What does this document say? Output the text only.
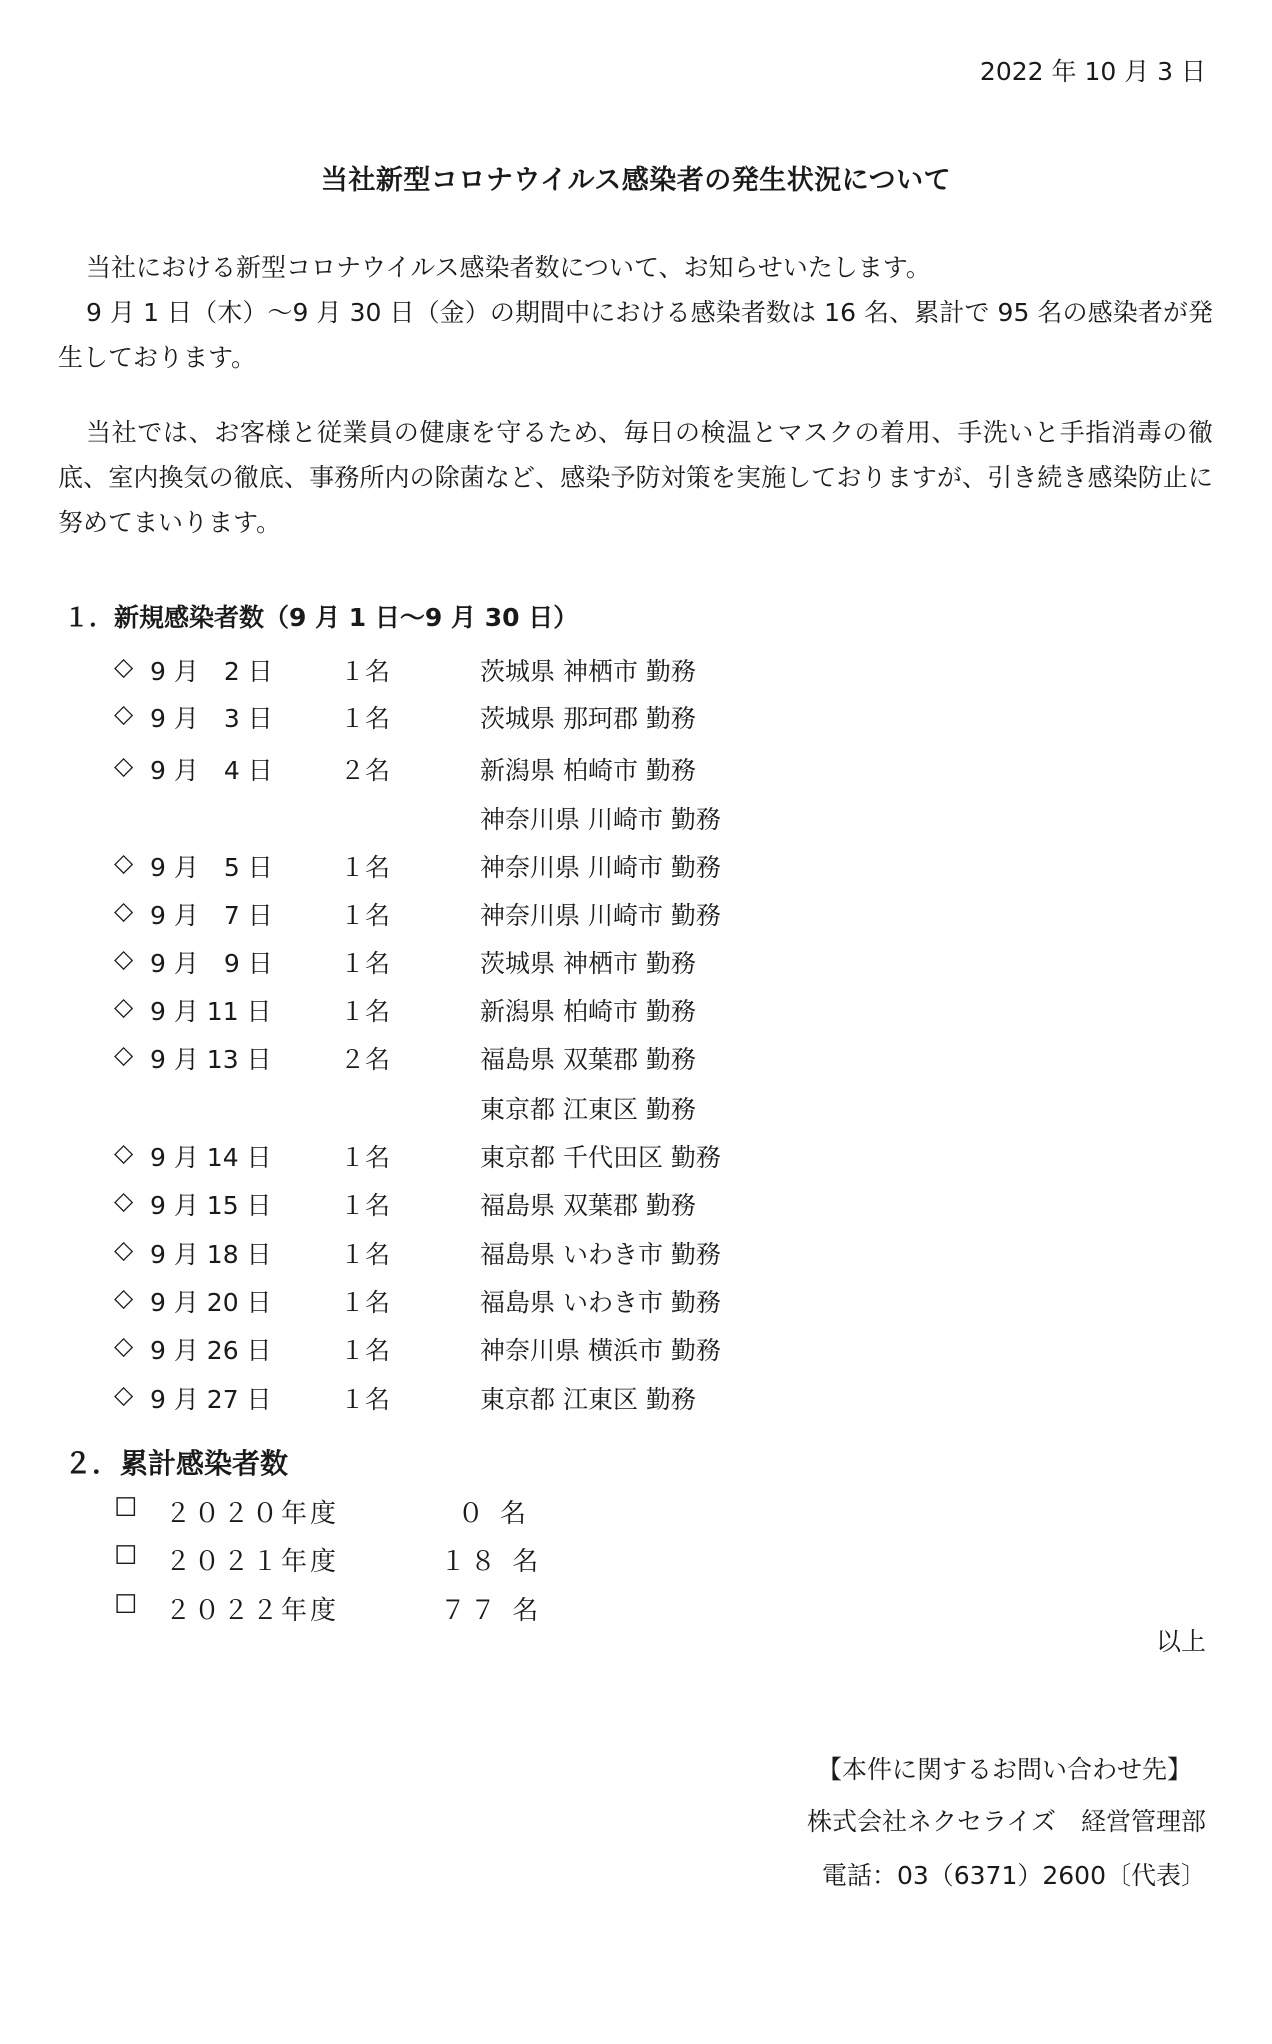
2022 年 10 月 3 日
当社新型コロナウイルス感染者の発生状況について
当社における新型コロナウイルス感染者数について、お知らせいたします。
9 月 1 日（木）～9 月 30 日（金）の期間中における感染者数は 16 名、累計で 95 名の感染者が発生しております。
当社では、お客様と従業員の健康を守るため、毎日の検温とマスクの着用、手洗いと手指消毒の徹底、室内換気の徹底、事務所内の除菌など、感染予防対策を実施しておりますが、引き続き感染防止に努めてまいります。
１．新規感染者数（9 月 1 日～9 月 30 日）
◇ 9 月　2 日	１名	茨城県 神栖市 勤務
◇ 9 月　3 日	１名	茨城県 那珂郡 勤務
◇ 9 月　4 日	２名	新潟県 柏崎市 勤務
神奈川県 川崎市 勤務
◇ 9 月　5 日	１名	神奈川県 川崎市 勤務
◇ 9 月　7 日	１名	神奈川県 川崎市 勤務
◇ 9 月　9 日	１名	茨城県 神栖市 勤務
◇ 9 月 11 日	１名	新潟県 柏崎市 勤務
◇ 9 月 13 日	２名	福島県 双葉郡 勤務
東京都 江東区 勤務
◇ 9 月 14 日	１名	東京都 千代田区 勤務
◇ 9 月 15 日	１名	福島県 双葉郡 勤務
◇ 9 月 18 日	１名	福島県 いわき市 勤務
◇ 9 月 20 日	１名	福島県 いわき市 勤務
◇ 9 月 26 日	１名	神奈川県 横浜市 勤務
◇ 9 月 27 日	１名	東京都 江東区 勤務
２．累計感染者数
☐ ２０２０年度	０ 名
☐ ２０２１年度	１８ 名
☐ ２０２２年度	７７ 名
以上
【本件に関するお問い合わせ先】
株式会社ネクセライズ　経営管理部
電話：03（6371）2600〔代表〕
